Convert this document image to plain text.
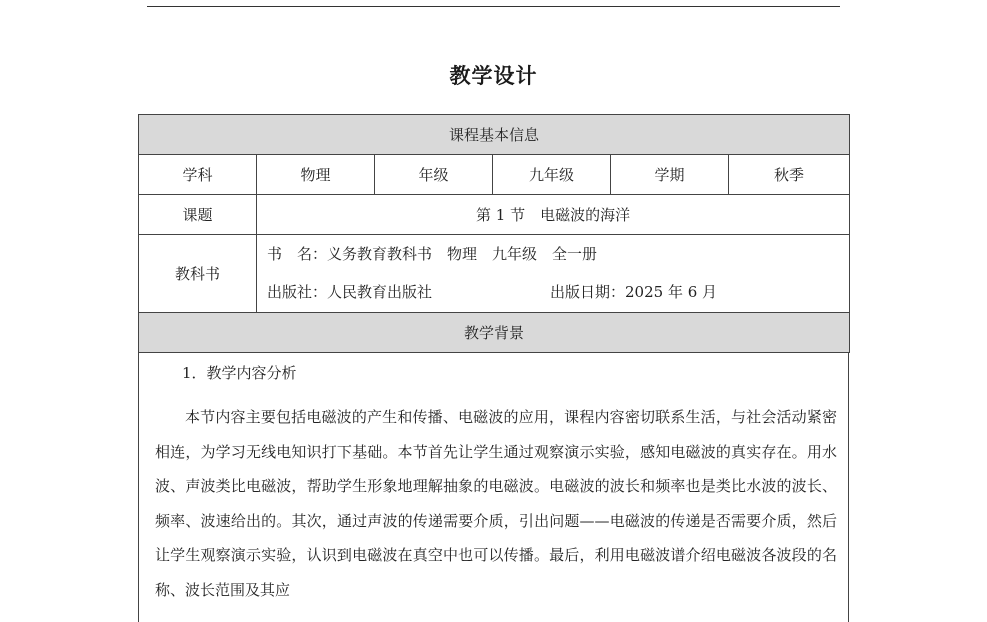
教学设计
课程基本信息					
学科	物理	年级	九年级	学期	秋季
课题	第 1 节　电磁波的海洋				
教科书	书　名：义务教育教科书　物理　九年级　全一册
出版社：人民教育出版社 出版日期：2025 年 6 月				

教学背景					
1．教学内容分析

本节内容主要包括电磁波的产生和传播、电磁波的应用，课程内容密切联系生活，与社会活动紧密相连，为学习无线电知识打下基础。本节首先让学生通过观察演示实验，感知电磁波的真实存在。用水波、声波类比电磁波，帮助学生形象地理解抽象的电磁波。电磁波的波长和频率也是类比水波的波长、频率、波速给出的。其次，通过声波的传递需要介质，引出问题——电磁波的传递是否需要介质，然后让学生观察演示实验，认识到电磁波在真空中也可以传播。最后，利用电磁波谱介绍电磁波各波段的名称、波长范围及其应
